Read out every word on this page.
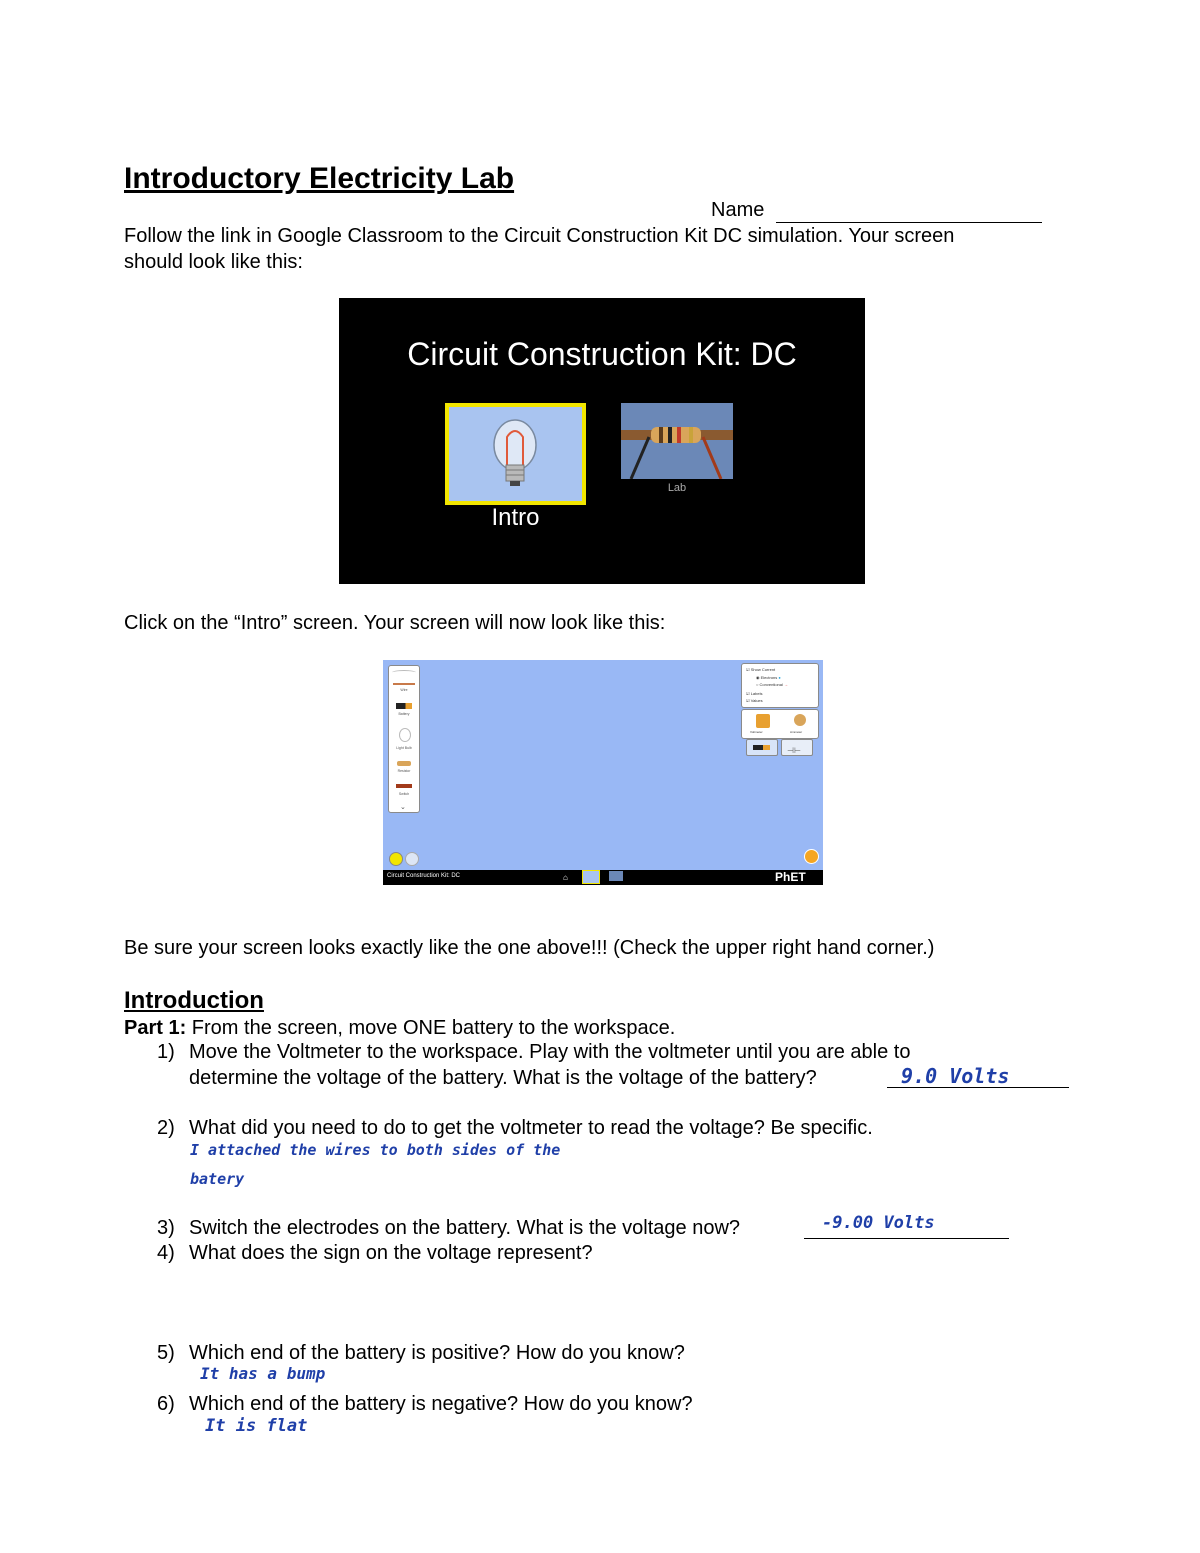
Introductory Electricity Lab
Name
Follow the link in Google Classroom to the Circuit Construction Kit DC simulation. Your screen
should look like this:
Circuit Construction Kit: DC
Intro
Lab
Click on the “Intro” screen. Your screen will now look like this:
Wire
Battery
Light Bulb
Resistor
Switch
⌄
☑ Show Current
◉ Electrons ●
○ Conventional →
☑ Labels
☑ Values
Voltmeter	Ammeter
⊣⊢
Circuit Construction Kit: DC	⌂	PhET
Be sure your screen looks exactly like the one above!!! (Check the upper right hand corner.)
Introduction
Part 1: From the screen, move ONE battery to the workspace.
1) Move the Voltmeter to the workspace. Play with the voltmeter until you are able to
determine the voltage of the battery. What is the voltage of the battery?	9.0 Volts
2) What did you need to do to get the voltmeter to read the voltage? Be specific.
I attached the wires to both sides of the
batery
3) Switch the electrodes on the battery. What is the voltage now?	-9.00 Volts
4) What does the sign on the voltage represent?
5) Which end of the battery is positive? How do you know?
It has a bump
6) Which end of the battery is negative? How do you know?
It is flat
